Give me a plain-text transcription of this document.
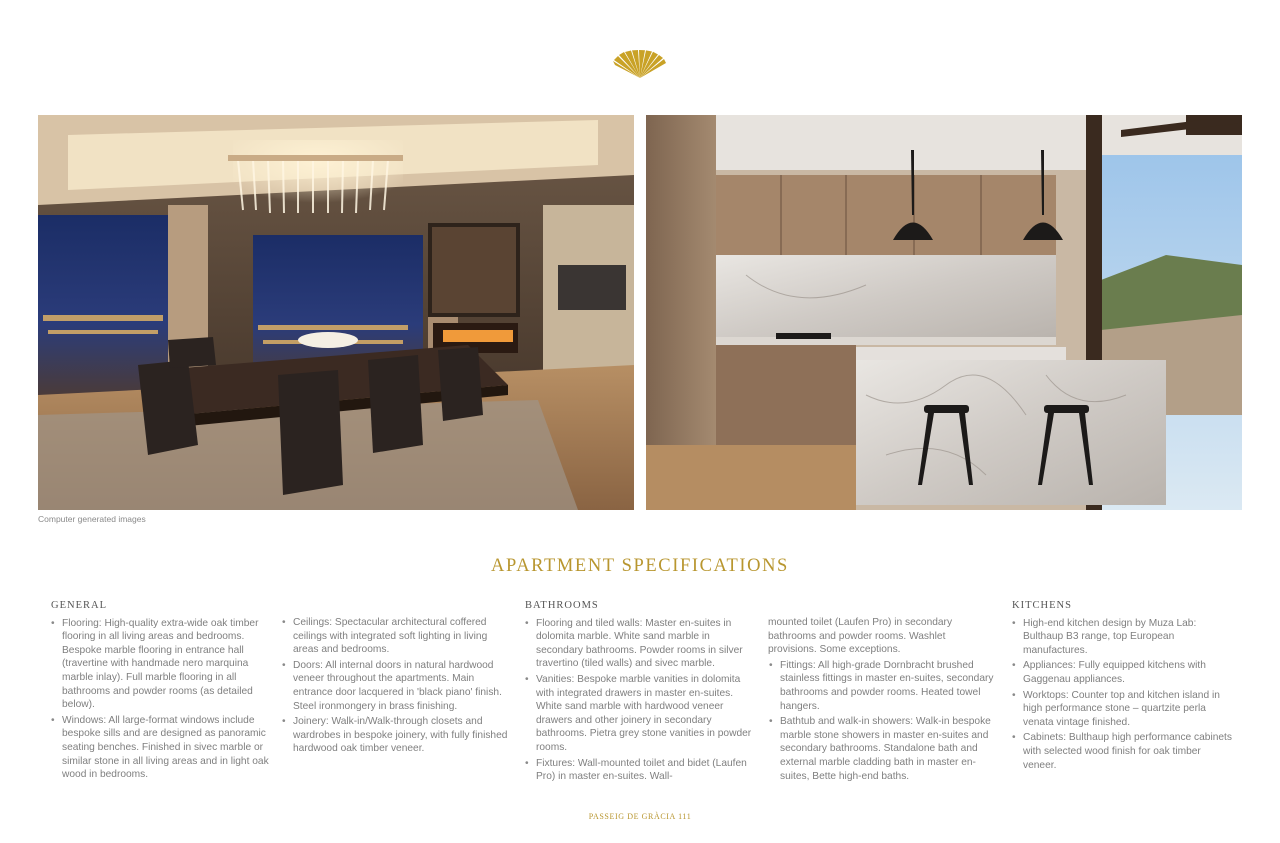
Computer generated images
APARTMENT SPECIFICATIONS
GENERAL
• Flooring: High-quality extra-wide oak timber flooring in all living areas and bedrooms. Bespoke marble flooring in entrance hall (travertine with handmade nero marquina marble inlay). Full marble flooring in all bathrooms and powder rooms (as detailed below).
• Windows: All large-format windows include bespoke sills and are designed as panoramic seating benches. Finished in sivec marble or similar stone in all living areas and in light oak wood in bedrooms.
• Ceilings: Spectacular architectural coffered ceilings with integrated soft lighting in living areas and bedrooms.
• Doors: All internal doors in natural hardwood veneer throughout the apartments. Main entrance door lacquered in 'black piano' finish. Steel ironmongery in brass finishing.
• Joinery: Walk-in/Walk-through closets and wardrobes in bespoke joinery, with fully finished hardwood oak timber veneer.
BATHROOMS
• Flooring and tiled walls: Master en-suites in dolomita marble. White sand marble in secondary bathrooms. Powder rooms in silver travertino (tiled walls) and sivec marble.
• Vanities: Bespoke marble vanities in dolomita with integrated drawers in master en-suites. White sand marble with hardwood veneer drawers and other joinery in secondary bathrooms. Pietra grey stone vanities in powder rooms.
• Fixtures: Wall-mounted toilet and bidet (Laufen Pro) in master en-suites. Wall-
mounted toilet (Laufen Pro) in secondary bathrooms and powder rooms. Washlet provisions. Some exceptions.
• Fittings: All high-grade Dornbracht brushed stainless fittings in master en-suites, secondary bathrooms and powder rooms. Heated towel hangers.
• Bathtub and walk-in showers: Walk-in bespoke marble stone showers in master en-suites and secondary bathrooms. Standalone bath and external marble cladding bath in master en-suites, Bette high-end baths.
KITCHENS
• High-end kitchen design by Muza Lab: Bulthaup B3 range, top European manufactures.
• Appliances: Fully equipped kitchens with Gaggenau appliances.
• Worktops: Counter top and kitchen island in high performance stone – quartzite perla venata vintage finished.
• Cabinets: Bulthaup high performance cabinets with selected wood finish for oak timber veneer.
PASSEIG DE GRÀCIA 111
